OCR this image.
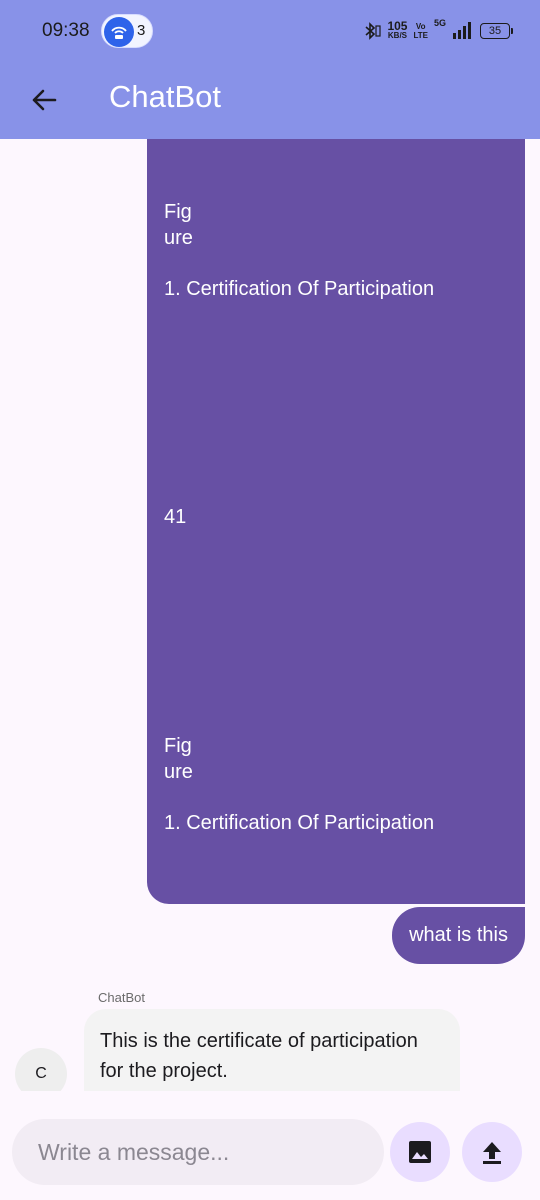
09:38	3	105
KB/S
Vo
LTE
5G
35
ChatBot
Fig
ure
1. Certification Of Participation
41
Fig
ure
1. Certification Of Participation
what is this
ChatBot
This is the certificate of participation for the project.
C
Write a message...
